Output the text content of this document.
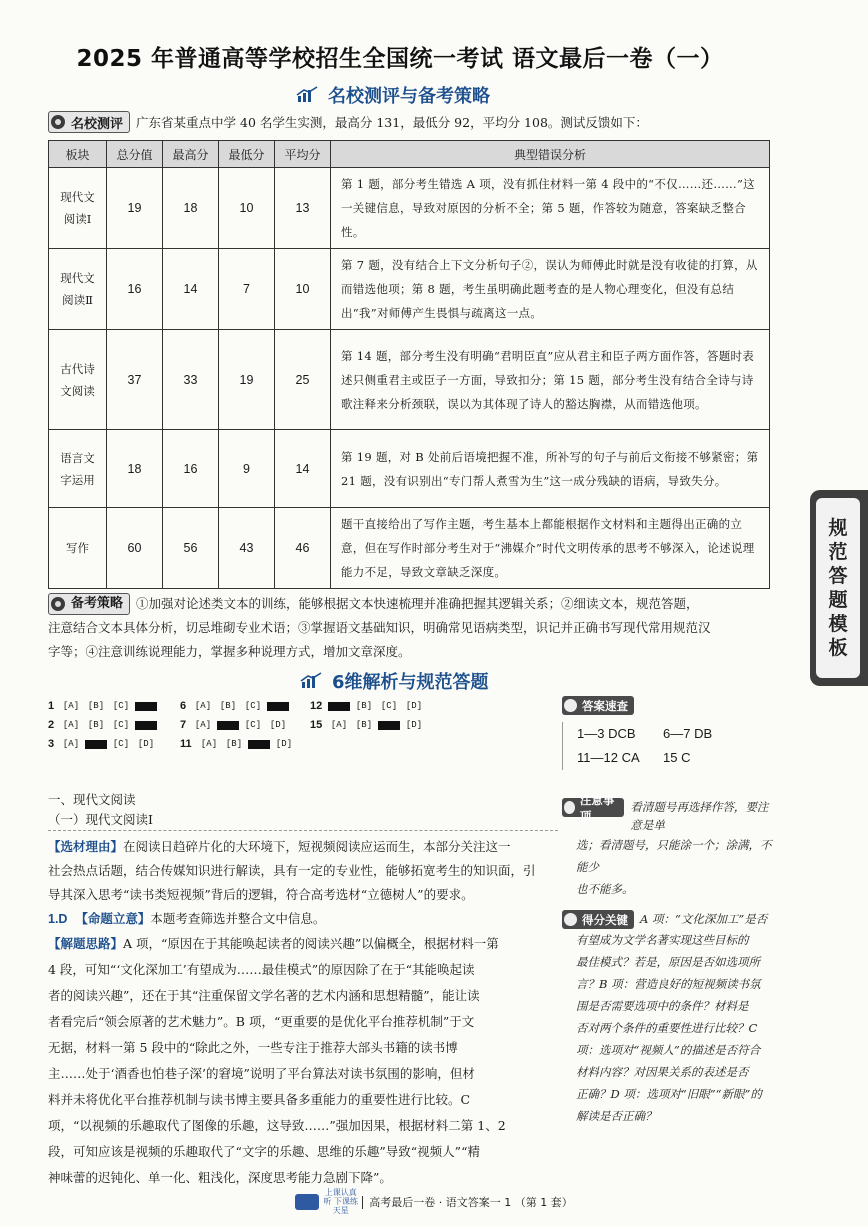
2025 年普通高等学校招生全国统一考试 语文最后一卷（一）
名校测评与备考策略
名校测评 广东省某重点中学 40 名学生实测，最高分 131，最低分 92，平均分 108。测试反馈如下：
板块	总分值	最高分	最低分	平均分	典型错误分析
现代文
阅读Ⅰ	19	18	10	13	第 1 题，部分考生错选 A 项，没有抓住材料一第 4 段中的“不仅……还……”这一关键信息，导致对原因的分析不全；第 5 题，作答较为随意，答案缺乏整合性。
现代文
阅读Ⅱ	16	14	7	10	第 7 题，没有结合上下文分析句子②，误认为师傅此时就是没有收徒的打算，从而错选他项；第 8 题，考生虽明确此题考查的是人物心理变化，但没有总结出“我”对师傅产生畏惧与疏离这一点。
古代诗
文阅读	37	33	19	25	第 14 题，部分考生没有明确“君明臣直”应从君主和臣子两方面作答，答题时表述只侧重君主或臣子一方面，导致扣分；第 15 题，部分考生没有结合全诗与诗歌注释来分析颈联，误以为其体现了诗人的豁达胸襟，从而错选他项。
语言文
字运用	18	16	9	14	第 19 题，对 B 处前后语境把握不准，所补写的句子与前后文衔接不够紧密；第 21 题，没有识别出“专门帮人煮雪为生”这一成分残缺的语病，导致失分。
写作	60	56	43	46	题干直接给出了写作主题，考生基本上都能根据作文材料和主题得出正确的立意，但在写作时部分考生对于“沸媒介”时代文明传承的思考不够深入，论述说理能力不足，导致文章缺乏深度。
规
范
答
题
模
板
备考策略 ①加强对论述类文本的训练，能够根据文本快速梳理并准确把握其逻辑关系；②细读文本，规范答题，
注意结合文本具体分析，切忌堆砌专业术语；③掌握语文基础知识，明确常见语病类型，识记并正确书写现代常用规范汉
字等；④注意训练说理能力，掌握多种说理方式，增加文章深度。
6维解析与规范答题
1 [A] [B] [C]
2 [A] [B] [C]
3 [A]	[C] [D]
6 [A] [B] [C]
7 [A]	[C] [D]
11	[A] [B]	[D]
12	[B] [C] [D]
15 [A] [B]	[D]
答案速查
1—3 DCB 6—7 DB
11—12 CA 15 C
注意事项
看清题号再选择作答，要注意是单
选；看清题号，只能涂一个；涂满，不能少
也不能多。
得分关键 A 项：“文化深加工”是否
有望成为文学名著实现这些目标的
最佳模式？若是，原因是否如选项所
言？B 项：营造良好的短视频读书氛
围是否需要选项中的条件？材料是
否对两个条件的重要性进行比较？C
项：选项对“视频人”的描述是否符合
材料内容？对因果关系的表述是否
正确？D 项：选项对“旧眼”“新眼”的
解读是否正确？
一、现代文阅读
（一）现代文阅读Ⅰ
【选材理由】在阅读日趋碎片化的大环境下，短视频阅读应运而生，本部分关注这一
社会热点话题，结合传媒知识进行解读，具有一定的专业性，能够拓宽考生的知识面，引
导其深入思考“读书类短视频”背后的逻辑，符合高考选材“立德树人”的要求。
1.D 【命题立意】本题考查筛选并整合文中信息。
【解题思路】A 项，“原因在于其能唤起读者的阅读兴趣”以偏概全，根据材料一第
4 段，可知“‘文化深加工’有望成为……最佳模式”的原因除了在于“其能唤起读
者的阅读兴趣”，还在于其“注重保留文学名著的艺术内涵和思想精髓”，能让读
者看完后“领会原著的艺术魅力”。B 项，“更重要的是优化平台推荐机制”于文
无据，材料一第 5 段中的“除此之外，一些专注于推荐大部头书籍的读书博
主……处于‘酒香也怕巷子深’的窘境”说明了平台算法对读书氛围的影响，但材
料并未将优化平台推荐机制与读书博主要具备多重能力的重要性进行比较。C
项，“以视频的乐趣取代了图像的乐趣，这导致……”强加因果，根据材料二第 1、2
段，可知应该是视频的乐趣取代了“文字的乐趣、思维的乐趣”导致“视频人”“精
神味蕾的迟钝化、单一化、粗浅化，深度思考能力急剧下降”。
上课认真听 下课练天星 高考最后一卷 · 语文答案一 1 （第 1 套）
